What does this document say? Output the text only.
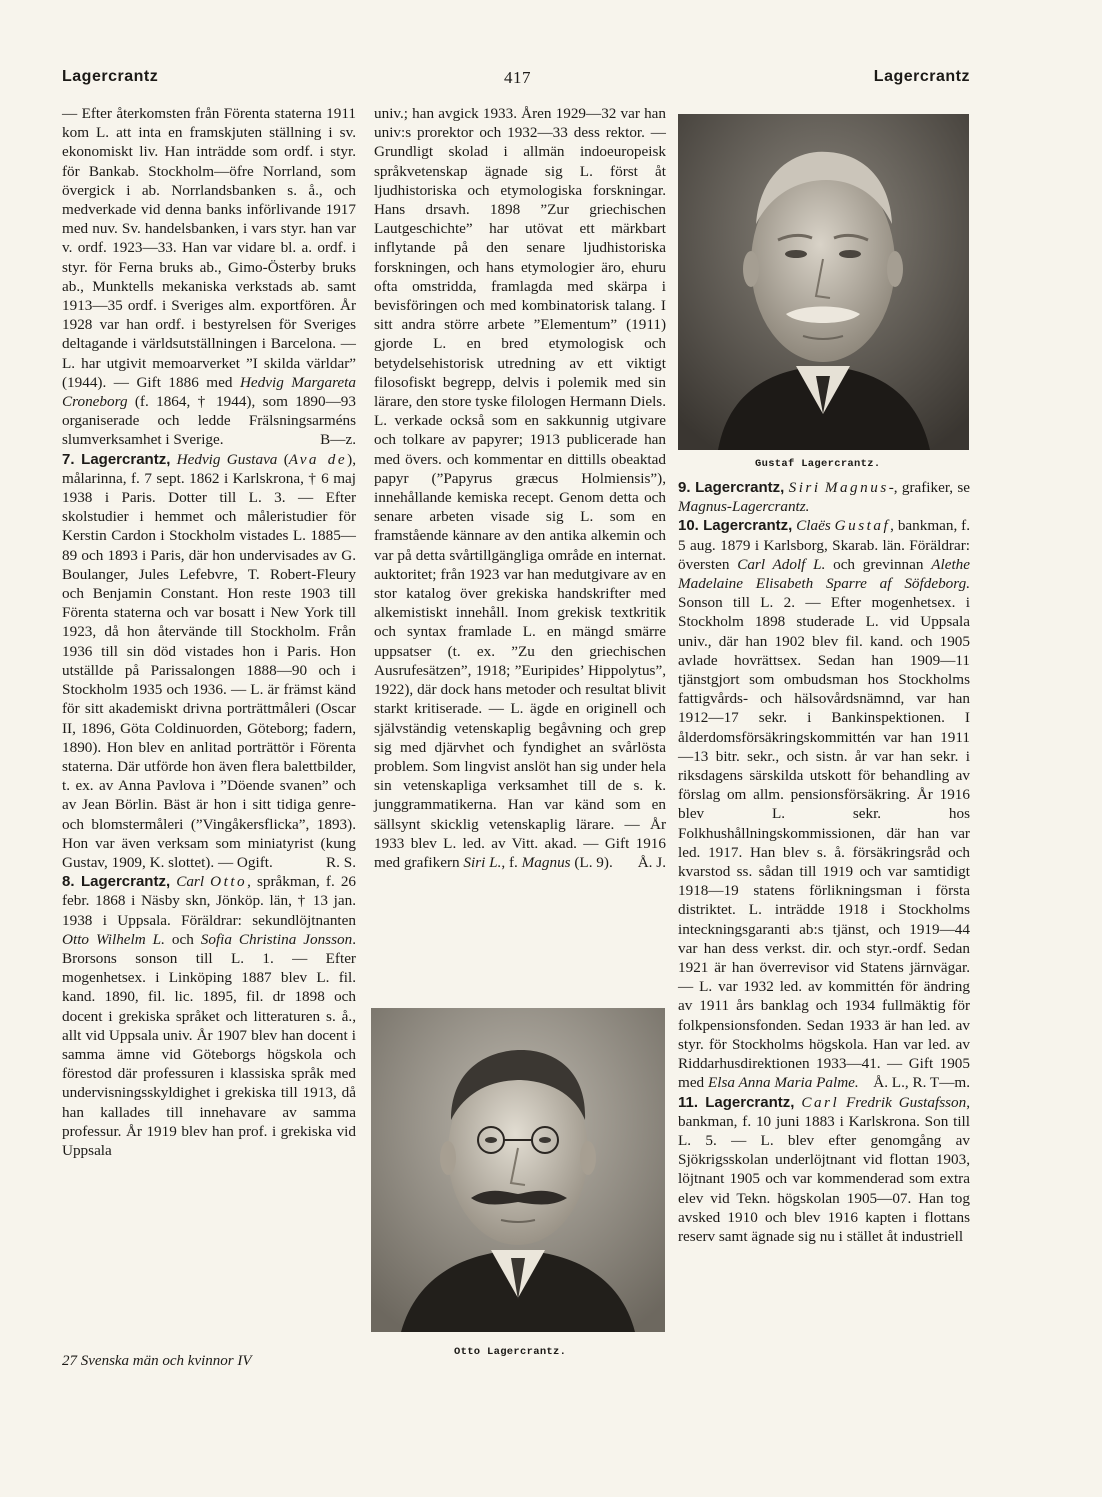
Lagercrantz	417	Lagercrantz

— Efter återkomsten från Förenta staterna 1911 kom L. att inta en framskjuten ställning i sv. ekonomiskt liv. Han inträdde som ordf. i styr. för Bankab. Stockholm—öfre Norrland, som övergick i ab. Norrlandsbanken s. å., och medverkade vid denna banks införlivande 1917 med nuv. Sv. handelsbanken, i vars styr. han var v. ordf. 1923—33. Han var vidare bl. a. ordf. i styr. för Ferna bruks ab., Gimo-Österby bruks ab., Munktells mekaniska verkstads ab. samt 1913—35 ordf. i Sveriges alm. exportfören. År 1928 var han ordf. i bestyrelsen för Sveriges deltagande i världsutställningen i Barcelona. — L. har utgivit memoarverket ”I skilda världar” (1944). — Gift 1886 med Hedvig Margareta Croneborg (f. 1864, † 1944), som 1890—93 organiserade och ledde Frälsningsarméns slumverksamhet i Sverige.	B—z.

7. Lagercrantz, Hedvig Gustava (Ava de), målarinna, f. 7 sept. 1862 i Karlskrona, † 6 maj 1938 i Paris. Dotter till L. 3. — Efter skolstudier i hemmet och måleristudier för Kerstin Cardon i Stockholm vistades L. 1885—89 och 1893 i Paris, där hon undervisades av G. Boulanger, Jules Lefebvre, T. Robert-Fleury och Benjamin Constant. Hon reste 1903 till Förenta staterna och var bosatt i New York till 1923, då hon återvände till Stockholm. Från 1936 till sin död vistades hon i Paris. Hon utställde på Parissalongen 1888—90 och i Stockholm 1935 och 1936. — L. är främst känd för sitt akademiskt drivna porträttmåleri (Oscar II, 1896, Göta Coldinuorden, Göteborg; fadern, 1890). Hon blev en anlitad porträttör i Förenta staterna. Där utförde hon även flera balettbilder, t. ex. av Anna Pavlova i ”Döende svanen” och av Jean Börlin. Bäst är hon i sitt tidiga genre- och blomstermåleri (”Vingåkersflicka”, 1893). Hon var även verksam som miniatyrist (kung Gustav, 1909, K. slottet). — Ogift.	R. S.

8. Lagercrantz, Carl Otto, språkman, f. 26 febr. 1868 i Näsby skn, Jönköp. län, † 13 jan. 1938 i Uppsala. Föräldrar: sekundlöjtnanten Otto Wilhelm L. och Sofia Christina Jonsson. Brorsons sonson till L. 1. — Efter mogenhetsex. i Linköping 1887 blev L. fil. kand. 1890, fil. lic. 1895, fil. dr 1898 och docent i grekiska språket och litteraturen s. å., allt vid Uppsala univ. År 1907 blev han docent i samma ämne vid Göteborgs högskola och förestod där professuren i klassiska språk med undervisningsskyldighet i grekiska till 1913, då han kallades till innehavare av samma professur. År 1919 blev han prof. i grekiska vid Uppsala

27 Svenska män och kvinnor IV

univ.; han avgick 1933. Åren 1929—32 var han univ:s prorektor och 1932—33 dess rektor. — Grundligt skolad i allmän indoeuropeisk språkvetenskap ägnade sig L. först åt ljudhistoriska och etymologiska forskningar. Hans drsavh. 1898 ”Zur griechischen Lautgeschichte” har utövat ett märkbart inflytande på den senare ljudhistoriska forskningen, och hans etymologier äro, ehuru ofta omstridda, framlagda med skärpa i bevisföringen och med kombinatorisk talang. I sitt andra större arbete ”Elementum” (1911) gjorde L. en bred etymologisk och betydelsehistorisk utredning av ett viktigt filosofiskt begrepp, delvis i polemik med sin lärare, den store tyske filologen Hermann Diels. L. verkade också som en sakkunnig utgivare och tolkare av papyrer; 1913 publicerade han med övers. och kommentar en dittills obeaktad papyr (”Papyrus græcus Holmiensis”), innehållande kemiska recept. Genom detta och senare arbeten visade sig L. som en framstående kännare av den antika alkemin och var på detta svårtillgängliga område en internat. auktoritet; från 1923 var han medutgivare av en stor katalog över grekiska handskrifter med alkemistiskt innehåll. Inom grekisk textkritik och syntax framlade L. en mängd smärre uppsatser (t. ex. ”Zu den griechischen Ausrufesätzen”, 1918; ”Euripides’ Hippolytus”, 1922), där dock hans metoder och resultat blivit starkt kritiserade. — L. ägde en originell och självständig vetenskaplig begåvning och grep sig med djärvhet och fyndighet an svårlösta problem. Som lingvist anslöt han sig under hela sin vetenskapliga verksamhet till de s. k. junggrammatikerna. Han var känd som en sällsynt skicklig vetenskaplig lärare. — År 1933 blev L. led. av Vitt. akad. — Gift 1916 med grafikern Siri L., f. Magnus (L. 9). Å. J.

Gustaf Lagercrantz.

9. Lagercrantz, Siri Magnus-, grafiker, se Magnus-Lagercrantz.

10. Lagercrantz, Claës Gustaf, bankman, f. 5 aug. 1879 i Karlsborg, Skarab. län. Föräldrar: översten Carl Adolf L. och grevinnan Alethe Madelaine Elisabeth Sparre af Söfdeborg. Sonson till L. 2. — Efter mogenhetsex. i Stockholm 1898 studerade L. vid Uppsala univ., där han 1902 blev fil. kand. och 1905 avlade hovrättsex. Sedan han 1909—11 tjänstgjort som ombudsman hos Stockholms fattigvårds- och hälsovårdsnämnd, var han 1912—17 sekr. i Bankinspektionen. I ålderdomsförsäkringskommittén var han 1911—13 bitr. sekr., och sistn. år var han sekr. i riksdagens särskilda utskott för behandling av förslag om allm. pensionsförsäkring. År 1916 blev L. sekr. hos Folkhushållningskommissionen, där han var led. 1917. Han blev s. å. försäkringsråd och kvarstod ss. sådan till 1919 och var samtidigt 1918—19 statens förlikningsman i första distriktet. L. inträdde 1918 i Stockholms inteckningsgaranti ab:s tjänst, och 1919—44 var han dess verkst. dir. och styr.-ordf. Sedan 1921 är han överrevisor vid Statens järnvägar. — L. var 1932 led. av kommittén för ändring av 1911 års banklag och 1934 fullmäktig för folkpensionsfonden. Sedan 1933 är han led. av styr. för Stockholms högskola. Han var led. av Riddarhusdirektionen 1933—41. — Gift 1905 med Elsa Anna Maria Palme. Å. L., R. T—m.

11. Lagercrantz, Carl Fredrik Gustafsson, bankman, f. 10 juni 1883 i Karlskrona. Son till L. 5. — L. blev efter genomgång av Sjökrigsskolan underlöjtnant vid flottan 1903, löjtnant 1905 och var kommenderad som extra elev vid Tekn. högskolan 1905—07. Han tog avsked 1910 och blev 1916 kapten i flottans reserv samt ägnade sig nu i stället åt industriell

Otto Lagercrantz.
